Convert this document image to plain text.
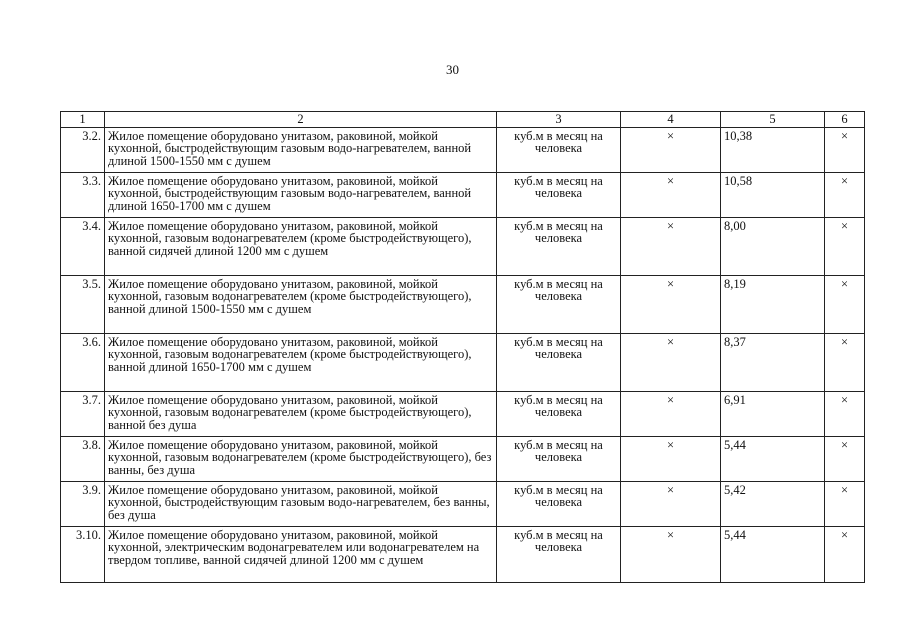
30
1	2	3	4	5	6
3.2.	Жилое помещение оборудовано унитазом, раковиной, мойкой кухонной, быстродействующим газовым водо-нагревателем, ванной длиной 1500-1550 мм с душем	куб.м в месяц на человека	×	10,38	×
3.3.	Жилое помещение оборудовано унитазом, раковиной, мойкой кухонной, быстродействующим газовым водо-нагревателем, ванной длиной 1650-1700 мм с душем	куб.м в месяц на человека	×	10,58	×
3.4.	Жилое помещение оборудовано унитазом, раковиной, мойкой кухонной, газовым водонагревателем (кроме быстродействующего), ванной сидячей длиной 1200 мм с душем	куб.м в месяц на человека	×	8,00	×
3.5.	Жилое помещение оборудовано унитазом, раковиной, мойкой кухонной, газовым водонагревателем (кроме быстродействующего), ванной длиной 1500-1550 мм с душем	куб.м в месяц на человека	×	8,19	×
3.6.	Жилое помещение оборудовано унитазом, раковиной, мойкой кухонной, газовым водонагревателем (кроме быстродействующего), ванной длиной 1650-1700 мм с душем	куб.м в месяц на человека	×	8,37	×
3.7.	Жилое помещение оборудовано унитазом, раковиной, мойкой кухонной, газовым водонагревателем (кроме быстродействующего), ванной без душа	куб.м в месяц на человека	×	6,91	×
3.8.	Жилое помещение оборудовано унитазом, раковиной, мойкой кухонной, газовым водонагревателем (кроме быстродействующего), без ванны, без душа	куб.м в месяц на человека	×	5,44	×
3.9.	Жилое помещение оборудовано унитазом, раковиной, мойкой кухонной, быстродействующим газовым водо-нагревателем, без ванны, без душа	куб.м в месяц на человека	×	5,42	×
3.10.	Жилое помещение оборудовано унитазом, раковиной, мойкой кухонной, электрическим водонагревателем или водонагревателем на твердом топливе, ванной сидячей длиной 1200 мм с душем	куб.м в месяц на человека	×	5,44	×
